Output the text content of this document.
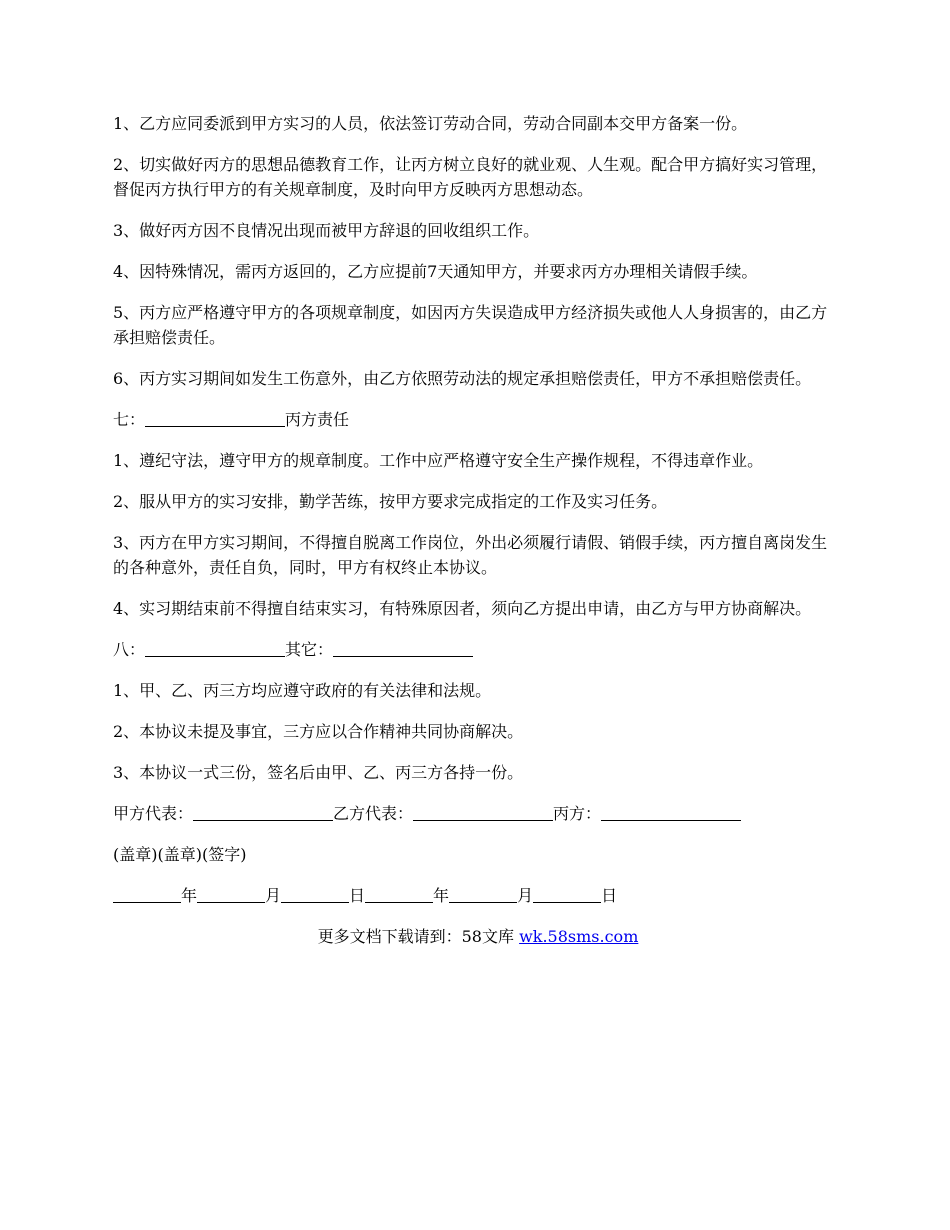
1、乙方应同委派到甲方实习的人员，依法签订劳动合同，劳动合同副本交甲方备案一份。

2、切实做好丙方的思想品德教育工作，让丙方树立良好的就业观、人生观。配合甲方搞好实习管理，督促丙方执行甲方的有关规章制度，及时向甲方反映丙方思想动态。

3、做好丙方因不良情况出现而被甲方辞退的回收组织工作。

4、因特殊情况，需丙方返回的，乙方应提前7天通知甲方，并要求丙方办理相关请假手续。

5、丙方应严格遵守甲方的各项规章制度，如因丙方失误造成甲方经济损失或他人人身损害的，由乙方承担赔偿责任。

6、丙方实习期间如发生工伤意外，由乙方依照劳动法的规定承担赔偿责任，甲方不承担赔偿责任。

七：	丙方责任

1、遵纪守法，遵守甲方的规章制度。工作中应严格遵守安全生产操作规程，不得违章作业。

2、服从甲方的实习安排，勤学苦练，按甲方要求完成指定的工作及实习任务。

3、丙方在甲方实习期间，不得擅自脱离工作岗位，外出必须履行请假、销假手续，丙方擅自离岗发生的各种意外，责任自负，同时，甲方有权终止本协议。

4、实习期结束前不得擅自结束实习，有特殊原因者，须向乙方提出申请，由乙方与甲方协商解决。

八：	其它：

1、甲、乙、丙三方均应遵守政府的有关法律和法规。

2、本协议未提及事宜，三方应以合作精神共同协商解决。

3、本协议一式三份，签名后由甲、乙、丙三方各持一份。

甲方代表：	乙方代表：	丙方：

(盖章)(盖章)(签字)

年	月	日	年	月	日

更多文档下载请到：58文库 wk.58sms.com
